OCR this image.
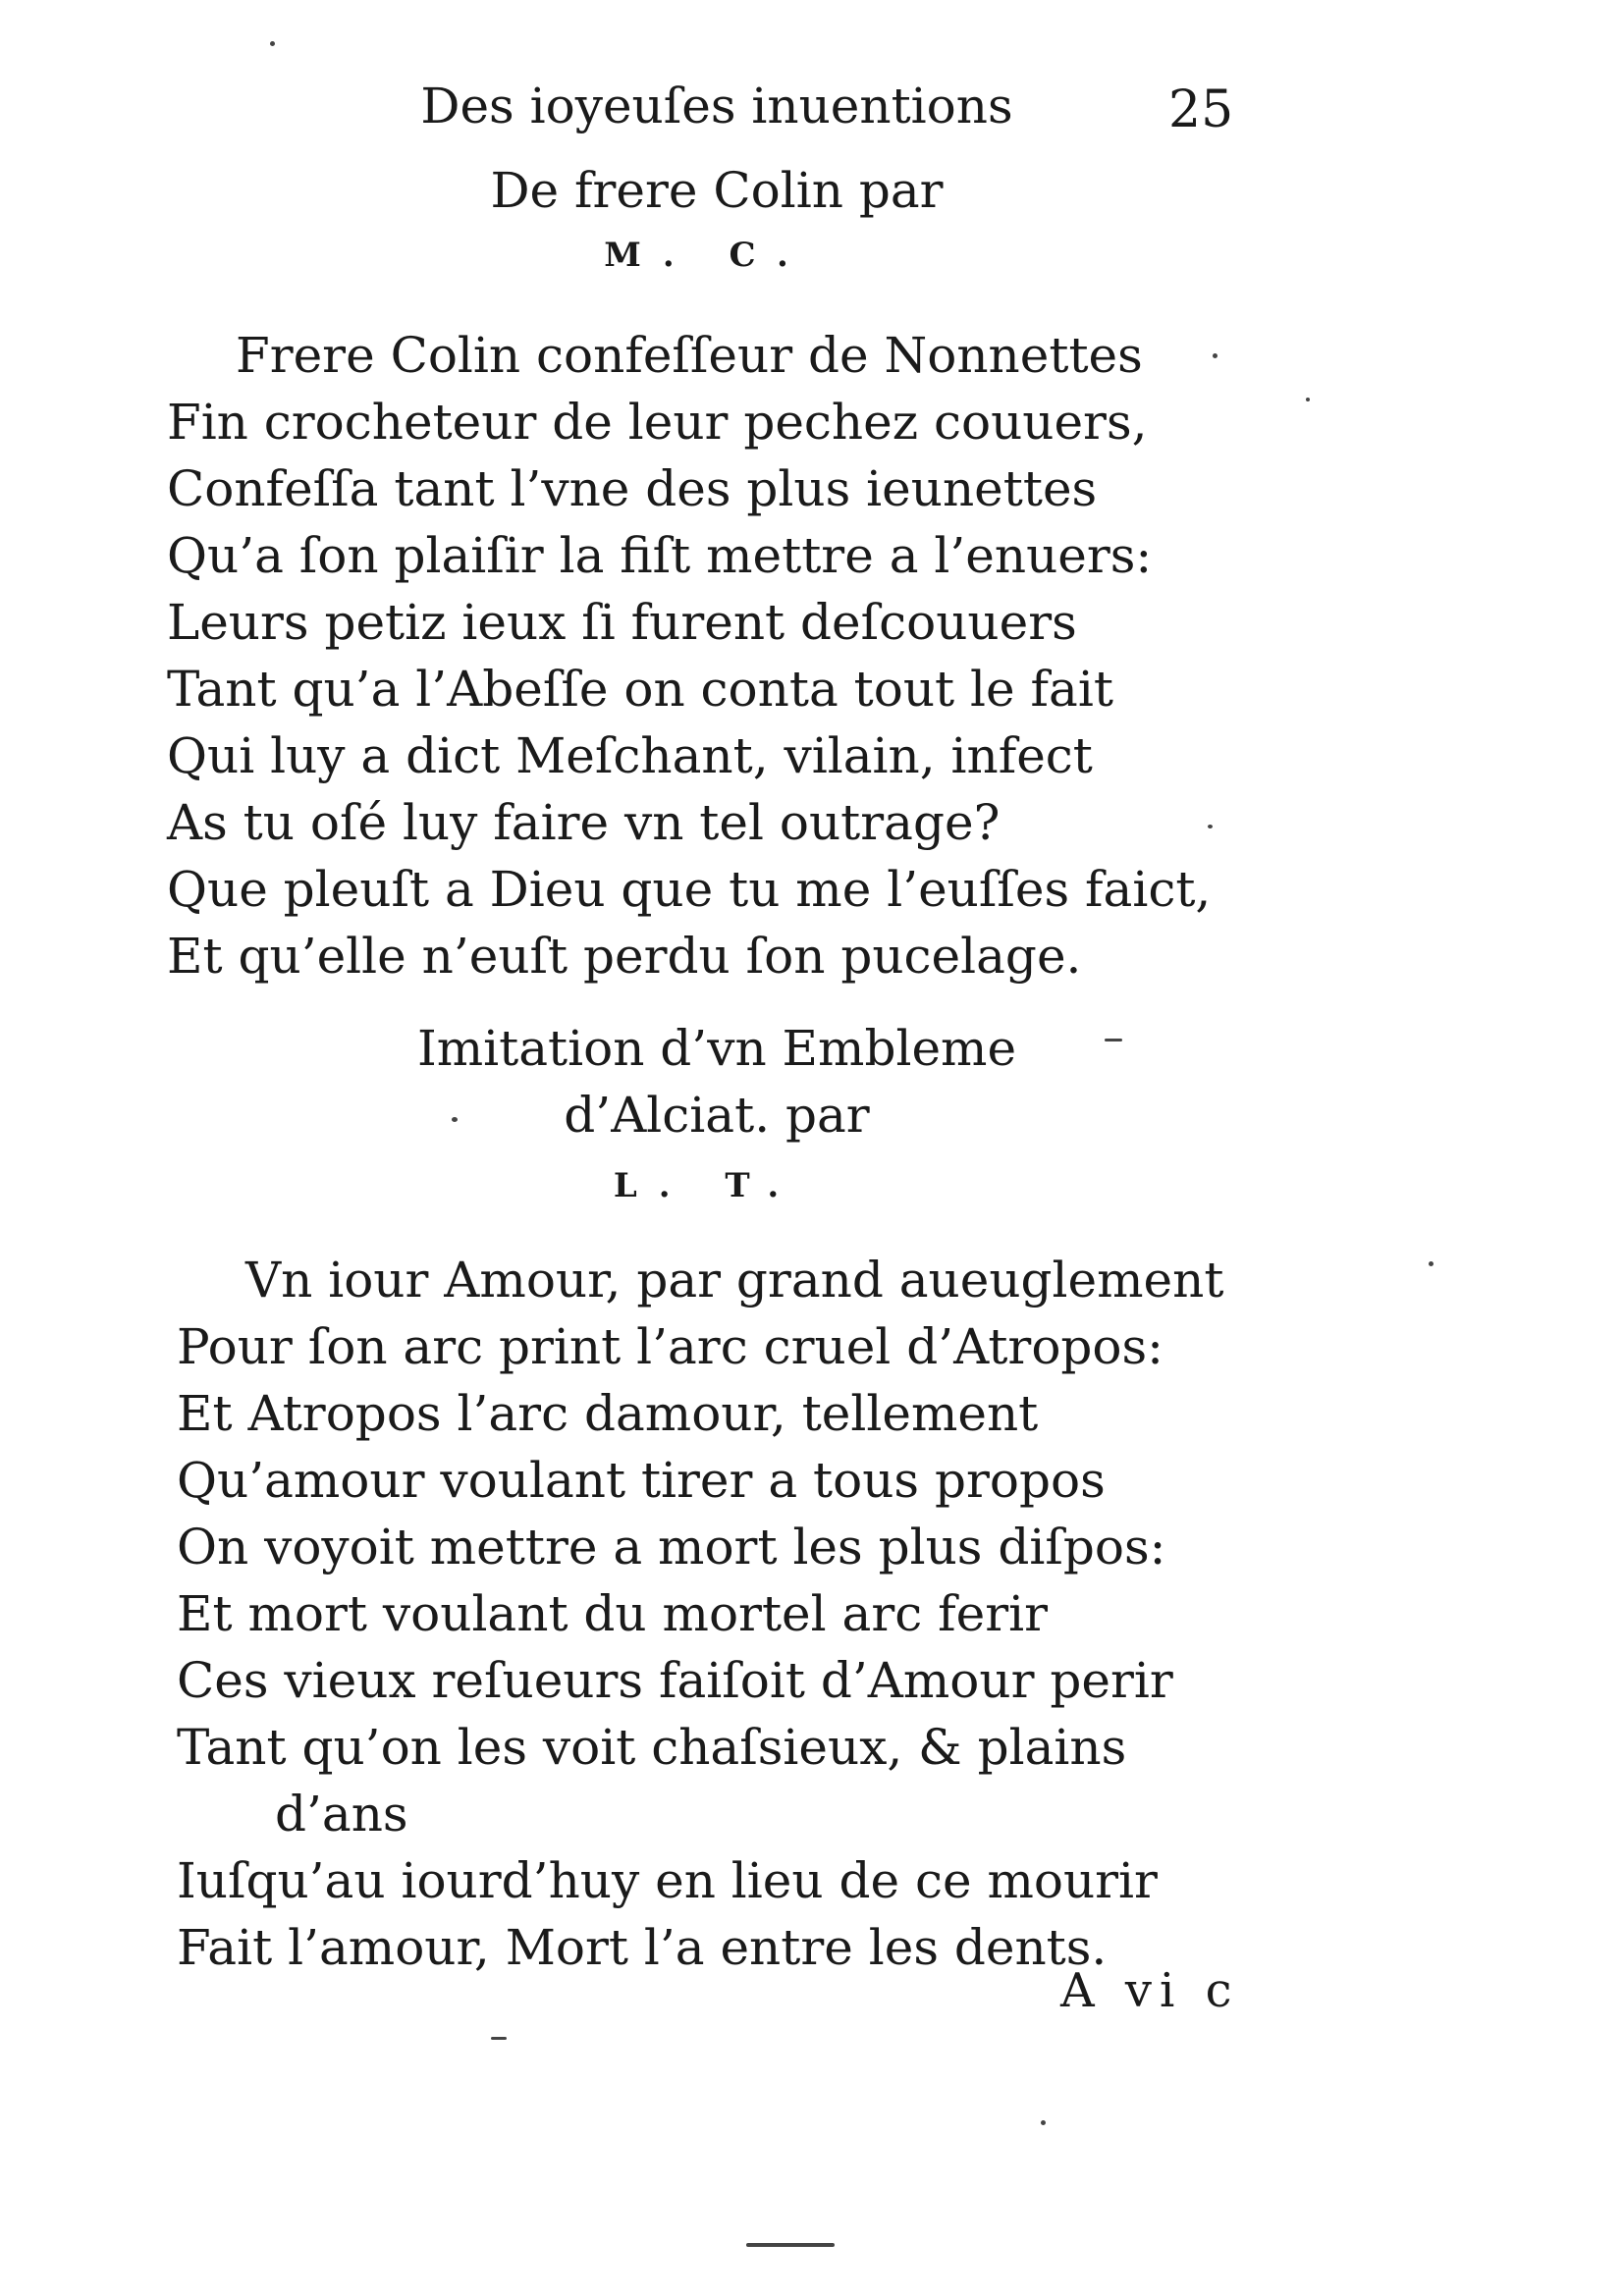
Des ioyeuſes inuentions	25
De frere Colin par
M. C.
Frere Colin confeſſeur de Nonnettes
Fin crocheteur de leur pechez couuers,
Confeſſa tant l’vne des plus ieunettes
Qu’a ſon plaiſir la fiſt mettre a l’enuers:
Leurs petiz ieux ſi furent deſcouuers
Tant qu’a l’Abeſſe on conta tout le fait
Qui luy a dict Meſchant, vilain, infect
As tu oſé luy faire vn tel outrage?
Que pleuſt a Dieu que tu me l’euſſes faict,
Et qu’elle n’euſt perdu ſon pucelage.
Imitation d’vn Embleme
d’Alciat. par
L. T.
Vn iour Amour, par grand aueuglement
Pour ſon arc print l’arc cruel d’Atropos:
Et Atropos l’arc damour, tellement
Qu’amour voulant tirer a tous propos
On voyoit mettre a mort les plus diſpos:
Et mort voulant du mortel arc ferir
Ces vieux reſueurs faiſoit d’Amour perir
Tant qu’on les voit chaſsieux, & plains
d’ans
Iuſqu’au iourd’huy en lieu de ce mourir
Fait l’amour, Mort l’a entre les dents.
A vi c
